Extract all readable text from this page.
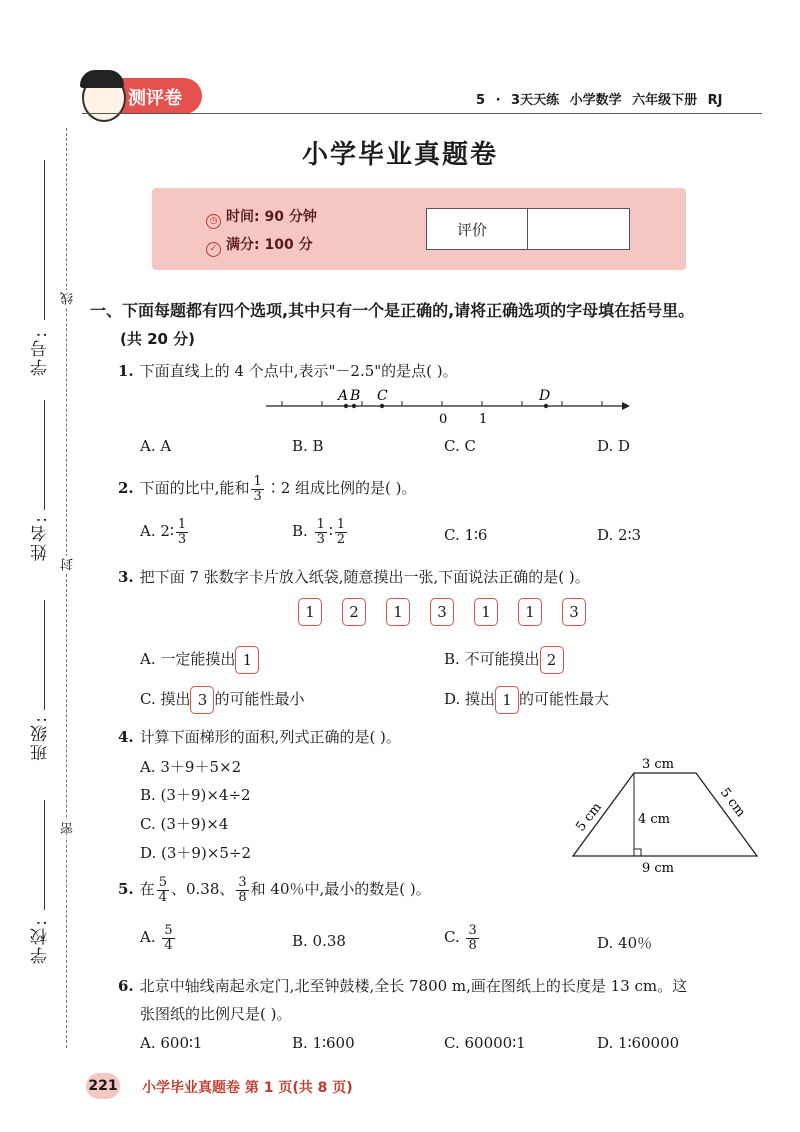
线
封
密
学号:
姓名:
班级:
学校:
测评卷	5 · 3天天练 小学数学 六年级下册 RJ
小学毕业真题卷
◷ 时间: 90 分钟
✓ 满分: 100 分
评价
一、下面每题都有四个选项,其中只有一个是正确的,请将正确选项的字母填在括号里。
(共 20 分)
1. 下面直线上的 4 个点中,表示"－2.5"的是点( )。
A B C	D
0 1
A. A	B. B	C. C	D. D
2. 下面的比中,能和 $\frac{1}{3}$ ∶2 组成比例的是( )。
A. 2∶ $\frac{1}{3}$	B. $\frac{1}{3}$ ∶ $\frac{1}{2}$	C. 1∶6	D. 2∶3
3. 把下面 7 张数字卡片放入纸袋,随意摸出一张,下面说法正确的是( )。
1 2 1 3 1 1 3
A. 一定能摸出 1	B. 不可能摸出 2
C. 摸出 3 的可能性最小	D. 摸出 1 的可能性最大
4. 计算下面梯形的面积,列式正确的是( )。
A. 3＋9＋5×2
B. (3＋9)×4÷2
C. (3＋9)×4
D. (3＋9)×5÷2
3 cm
4 cm
5 cm	5 cm
9 cm
5. 在 $\frac{5}{4}$ 、0.38、 $\frac{3}{8}$ 和 40％中,最小的数是( )。
A. $\frac{5}{4}$	B. 0.38	C. $\frac{3}{8}$	D. 40％
6. 北京中轴线南起永定门,北至钟鼓楼,全长 7800 m,画在图纸上的长度是 13 cm。这
张图纸的比例尺是( )。
A. 600∶1	B. 1∶600	C. 60000∶1	D. 1∶60000
221 小学毕业真题卷 第 1 页(共 8 页)
